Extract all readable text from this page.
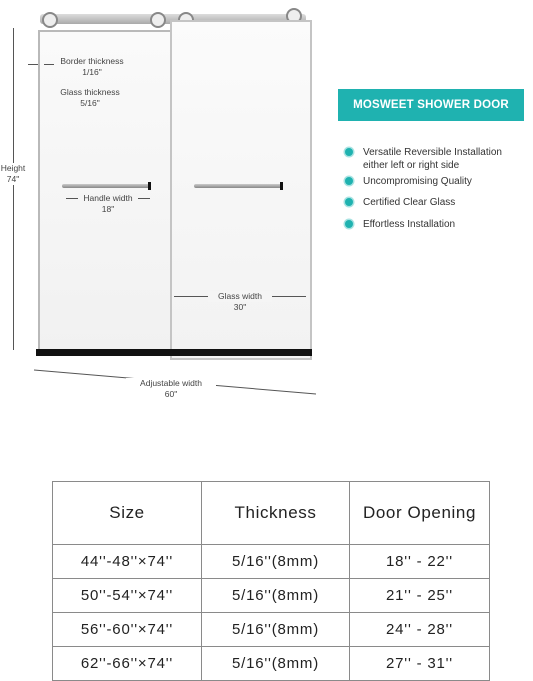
Border thickness
1/16"
Glass thickness
5/16"
Height
74"
Handle width
18"
Glass width
30"
Adjustable width
60"
MOSWEET SHOWER DOOR
Versatile Reversible Installation
either left or right side
Uncompromising Quality
Certified Clear Glass
Effortless Installation
Size	Thickness	Door Opening
44''-48''×74''	5/16''(8mm)	18'' - 22''
50''-54''×74''	5/16''(8mm)	21'' - 25''
56''-60''×74''	5/16''(8mm)	24'' - 28''
62''-66''×74''	5/16''(8mm)	27'' - 31''
